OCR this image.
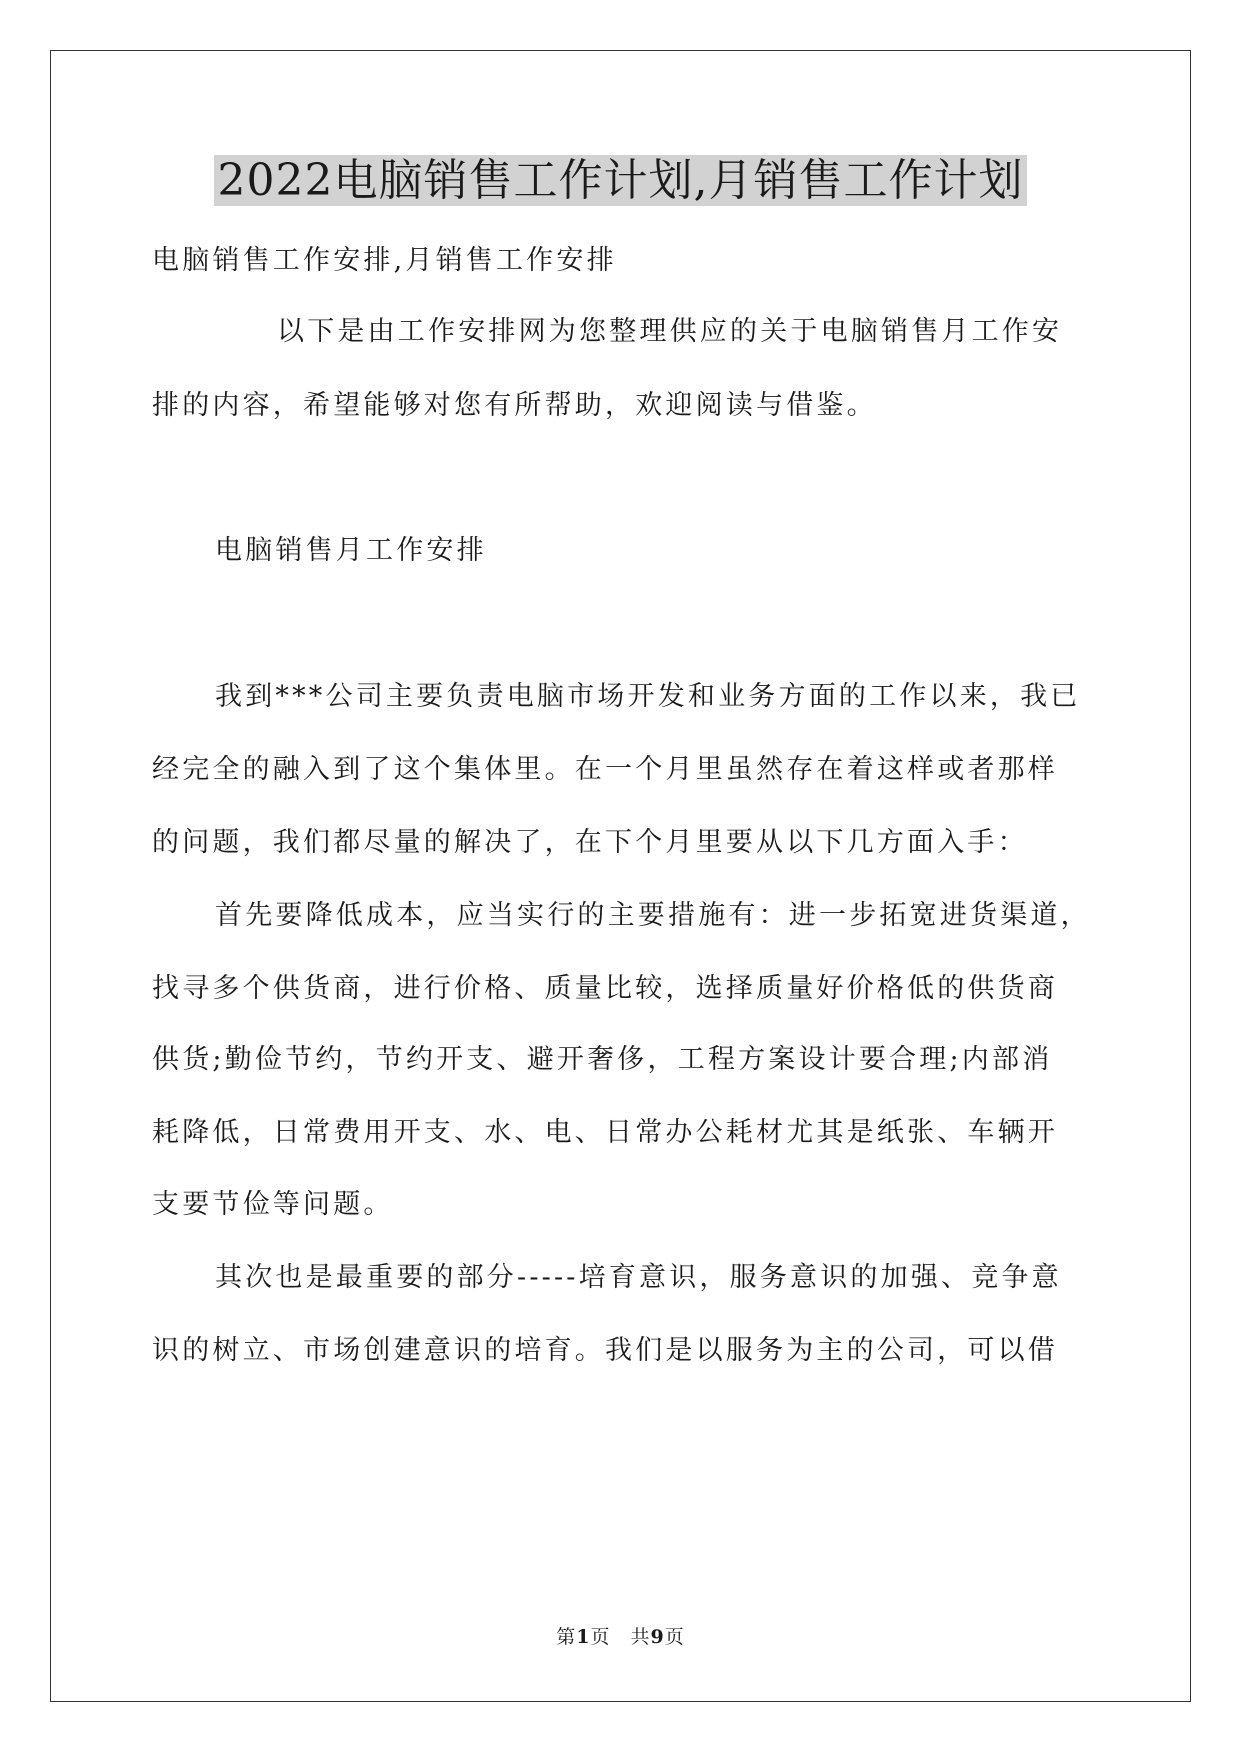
2022电脑销售工作计划,月销售工作计划

电脑销售工作安排,月销售工作安排

以下是由工作安排网为您整理供应的关于电脑销售月工作安

排的内容，希望能够对您有所帮助，欢迎阅读与借鉴。

电脑销售月工作安排

我到***公司主要负责电脑市场开发和业务方面的工作以来，我已

经完全的融入到了这个集体里。在一个月里虽然存在着这样或者那样

的问题，我们都尽量的解决了，在下个月里要从以下几方面入手：

首先要降低成本，应当实行的主要措施有：进一步拓宽进货渠道，

找寻多个供货商，进行价格、质量比较，选择质量好价格低的供货商

供货;勤俭节约，节约开支、避开奢侈，工程方案设计要合理;内部消

耗降低，日常费用开支、水、电、日常办公耗材尤其是纸张、车辆开

支要节俭等问题。

其次也是最重要的部分-----培育意识，服务意识的加强、竞争意

识的树立、市场创建意识的培育。我们是以服务为主的公司，可以借

第1页　共9页
